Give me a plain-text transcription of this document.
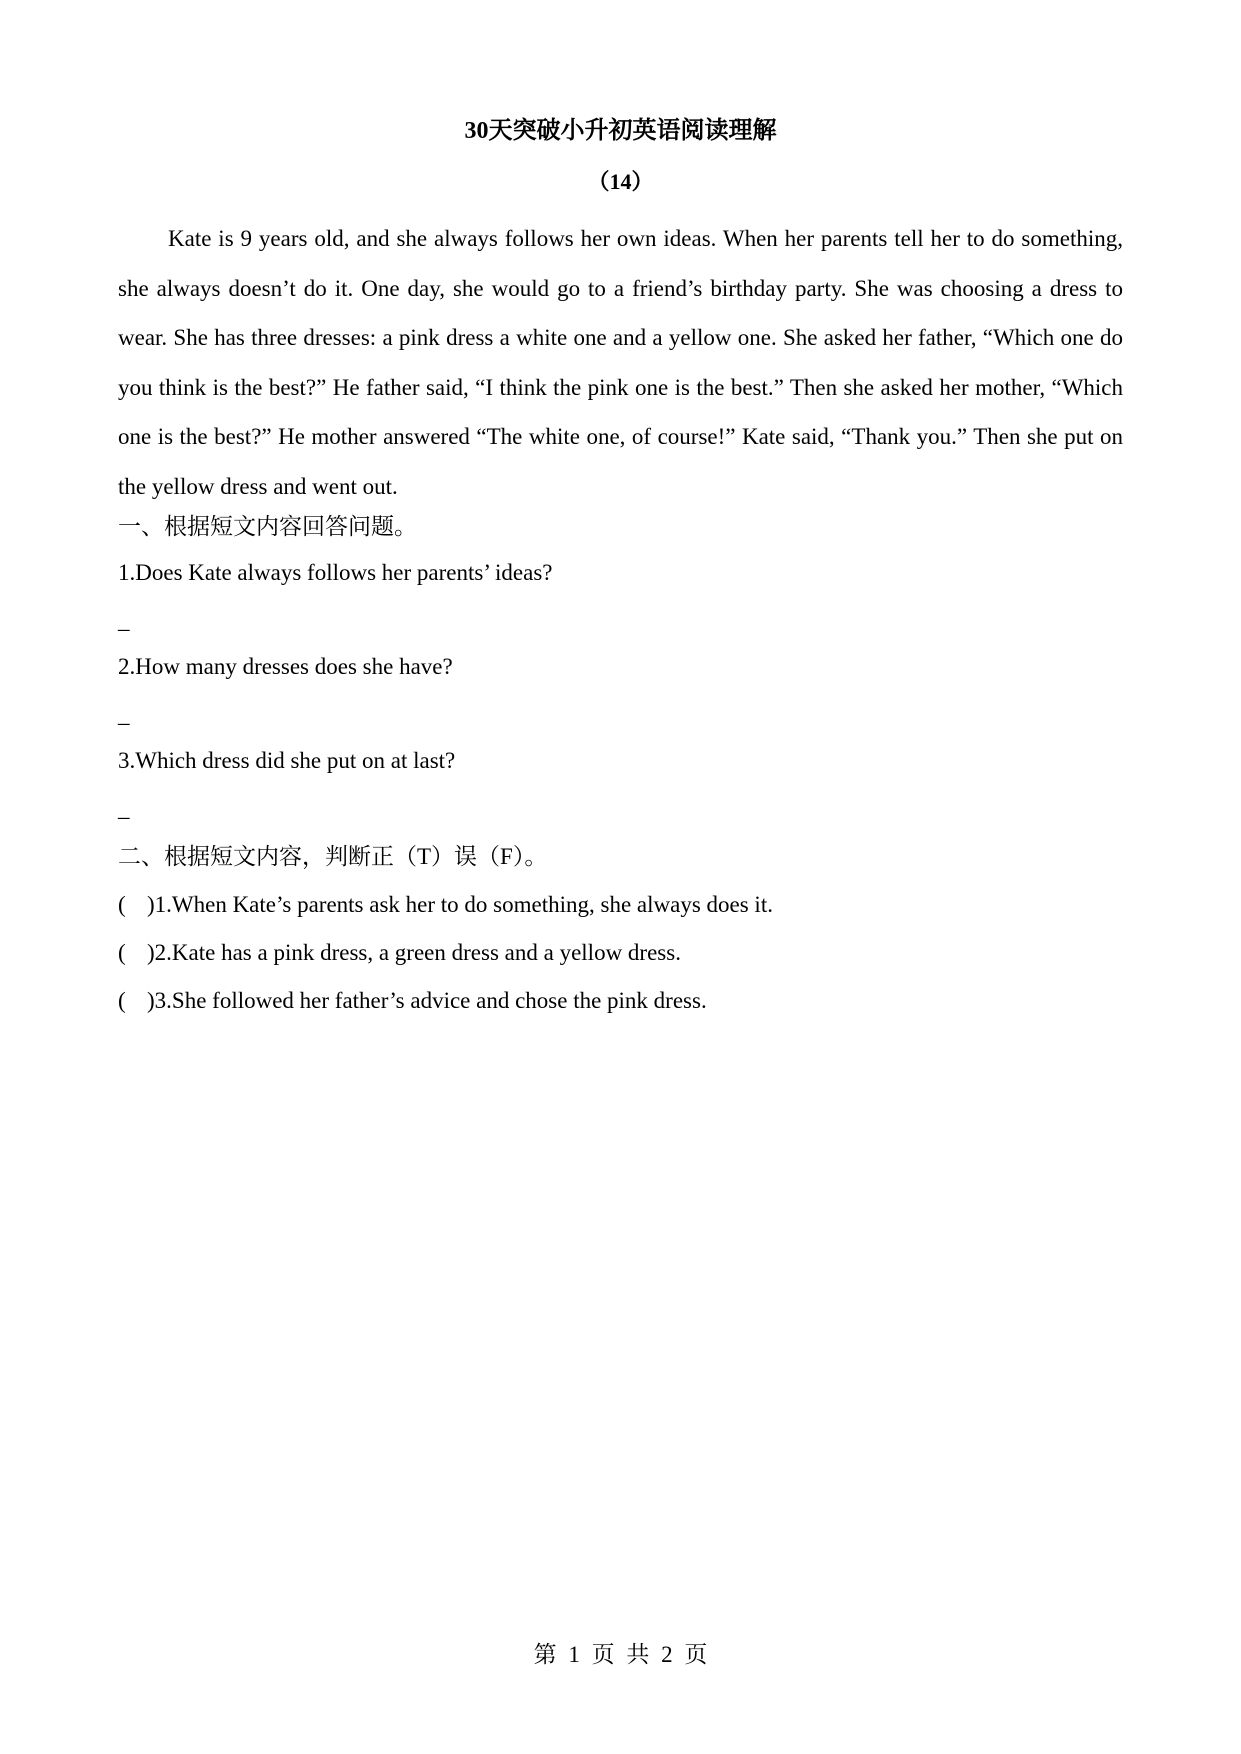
30天突破小升初英语阅读理解
（14）
Kate is 9 years old, and she always follows her own ideas. When her parents tell her to do something, she always doesn’t do it. One day, she would go to a friend’s birthday party. She was choosing a dress to wear. She has three dresses: a pink dress a white one and a yellow one. She asked her father, “Which one do you think is the best?” He father said, “I think the pink one is the best.” Then she asked her mother, “Which one is the best?” He mother answered “The white one, of course!” Kate said, “Thank you.” Then she put on the yellow dress and went out.
一、根据短文内容回答问题。
1.Does Kate always follows her parents’ ideas?
_
2.How many dresses does she have?
_
3.Which dress did she put on at last?
_
二、根据短文内容，判断正（T）误（F）。
( )1.When Kate’s parents ask her to do something, she always does it.
( )2.Kate has a pink dress, a green dress and a yellow dress.
( )3.She followed her father’s advice and chose the pink dress.
第 1 页 共 2 页
